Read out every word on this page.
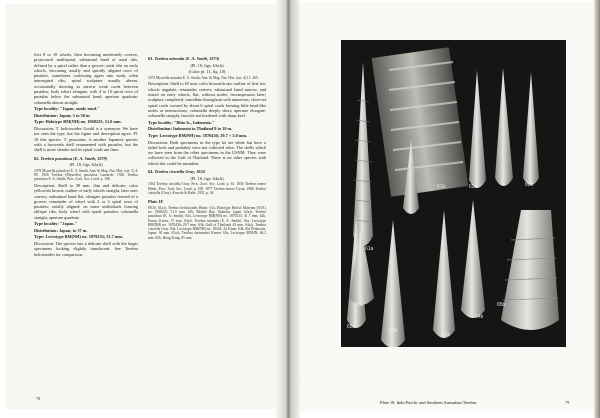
first 8 or 10 whorls, then becoming moderately convex; protoconch multispiral, subsutural band of axial ribs, defined by a spiral rather than a groove; axial ribs on early whorls, becoming axially and spirally aligned rows of pustules, sometimes coalescing again into weak, often interrupted ribs; spiral sculpture usually absent, occasionally showing as narrow weak cords between pustules; body whorl elongate, with 4 to 10 spiral rows of pustules below the subsutural band; aperture quadrate; columella almost straight.

Type locality: "Japan, sandy mud."

Distribution: Japan; 3 to 30 m.

Type: Holotype BM(NH) no. 1968225; 51.0 mm.

Discussion: T. helicinoides Gould is a synonym. We have not seen the type, but the figure and description agree. Pl. 18 this species. T. punctatus, is another Japanese species with a brownish shell ornamented with pustules, but the shell is more slender and its spiral cords are finer.

62. Terebra pustulosa (E. A. Smith, 1879)

(Pl. 18, figs. 62a,b)

1879 Myurella pustulosa E. A. Smith, Ann. & Mag. Nat. Hist. (ser. 5) 4: 89. 1926 Terebra (Myurella) pustulosa Lamarck; 1926 Terebra pustulosa E. A. Smith; Proc. Zool. Soc. Lond. p. 186.

Description: Shell to 38 mm, thin and delicate; color yellowish brown; outline of early whorls straight, later ones convex; subsutural band flat, elongate pustules formed of a groove; remainder of whorl with 2 or 3 spiral rows of pustules; axially aligned; on some individuals forming oblique ribs; body whorl with spiral pustules; columella straight, aperture quadrate.

Type locality: "Japan."

Distribution: Japan; to 37 m.

Type: Lectotype BM(NH) no. 1879233; 31.7 mm.

Discussion: The species has a delicate shell with the larger specimens looking slightly translucent. See Terebra helicinoides for comparison.

78

63. Terebra miranda (E. A. Smith, 1873)

(Pl. 18, figs. 63a,b)

(Color pl. 11, fig. 10)

1873 Myurella miranda E. A. Smith, Ann. & Mag. Nat. Hist. (ser. 4) 11: 265.

Description: Shell to 65 mm; color brownish tan; outline of first few whorls angulate, remainder convex; subsutural band narrow, and rusted on early whorls, flat, without nodes; inconspicuous later; sculpture completely cancellate throughout with numerous, close-set spiral cords crossed by about 6 spiral cords forming little bead-like nodes at intersections; columella deeply short; aperture elongate; columella straight; fasciole not bordered with sharp keel.

Type locality: "Rhio Is., Indonesia."

Distribution: Indonesia to Thailand 8 to 10 m.

Type: Lectotype BM(NH) no. 1870436; 29.7 × 5.8 mm.

Discussion: Both specimens in the type lot are white but have a faded look and probably were not collected alive. The shells which we have seen from the other specimens in the USNM. They were collected in the Gulf of Thailand. There is no other species with which this could be mistaken.

64. Terebra cinctella Gray, 1834

(Pl. 18, figs. 64a,b)

1834 Terebra cinctella Gray, Proc. Zool. Soc. Lond. p. 61. 1856 Terebra tenera Hinds, Proc. Zool. Soc. Lond. p. 168. 1877 Terebra tenera Tryon; 1886 Terebra cinctella (Gray); Kuroda & Habe, 1952, p. 94.

Plate 18

FIGS. 61a,b, Terebra helicinoides Hinds. 61a, Holotype British Museum (N.H.) no. 1968225; 51.0 mm. 61b, Mobile Bay, Shikoku, Japan. 62a,b, Terebra pustulosa (E. A. Smith). 62a, Lectotype BM(NH) no. 1879233; 31.7 mm. 62b, Pusan, Korea; 37 mm. 63a,b, Terebra miranda (E. A. Smith). 63a, Lectotype BM(NH) no. 1870436; 29.7 mm. 63b, Gulf of Thailand; 45 mm. 64a,b, Terebra cinctella Gray. 64a, Lectotype BM(NH) no. 18343; 23.8 mm. 64b, Kii Peninsula, Japan; 30 mm. 65a,b, Terebra dussumieri Kiener. 65a, Lectotype MNHN; 66.2 mm. 65b, Hong Kong; 85 mm.

61a
61b	62a	62b
65a
65b
63a
63b
64a
64b
Plate 18. Indo-Pacific and Southern Australian Terebra.	79
